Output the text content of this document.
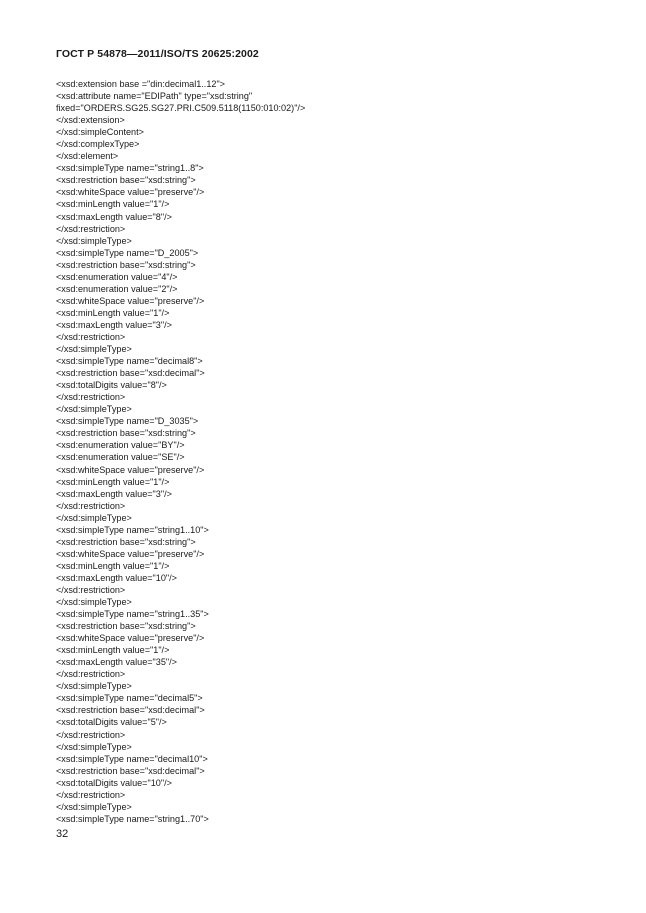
ГОСТ Р 54878—2011/ISO/TS 20625:2002
<xsd:extension base ="din:decimal1..12">
<xsd:attribute name="EDIPath" type="xsd:string"
fixed="ORDERS.SG25.SG27.PRI.C509.5118(1150:010:02)"/>
</xsd:extension>
</xsd:simpleContent>
</xsd:complexType>
</xsd:element>
<xsd:simpleType name="string1..8">
<xsd:restriction base="xsd:string">
<xsd:whiteSpace value="preserve"/>
<xsd:minLength value="1"/>
<xsd:maxLength value="8"/>
</xsd:restriction>
</xsd:simpleType>
<xsd:simpleType name="D_2005">
<xsd:restriction base="xsd:string">
<xsd:enumeration value="4"/>
<xsd:enumeration value="2"/>
<xsd:whiteSpace value="preserve"/>
<xsd:minLength value="1"/>
<xsd:maxLength value="3"/>
</xsd:restriction>
</xsd:simpleType>
<xsd:simpleType name="decimal8">
<xsd:restriction base="xsd:decimal">
<xsd:totalDigits value="8"/>
</xsd:restriction>
</xsd:simpleType>
<xsd:simpleType name="D_3035">
<xsd:restriction base="xsd:string">
<xsd:enumeration value="BY"/>
<xsd:enumeration value="SE"/>
<xsd:whiteSpace value="preserve"/>
<xsd:minLength value="1"/>
<xsd:maxLength value="3"/>
</xsd:restriction>
</xsd:simpleType>
<xsd:simpleType name="string1..10">
<xsd:restriction base="xsd:string">
<xsd:whiteSpace value="preserve"/>
<xsd:minLength value="1"/>
<xsd:maxLength value="10"/>
</xsd:restriction>
</xsd:simpleType>
<xsd:simpleType name="string1..35">
<xsd:restriction base="xsd:string">
<xsd:whiteSpace value="preserve"/>
<xsd:minLength value="1"/>
<xsd:maxLength value="35"/>
</xsd:restriction>
</xsd:simpleType>
<xsd:simpleType name="decimal5">
<xsd:restriction base="xsd:decimal">
<xsd:totalDigits value="5"/>
</xsd:restriction>
</xsd:simpleType>
<xsd:simpleType name="decimal10">
<xsd:restriction base="xsd:decimal">
<xsd:totalDigits value="10"/>
</xsd:restriction>
</xsd:simpleType>
<xsd:simpleType name="string1..70">
32
